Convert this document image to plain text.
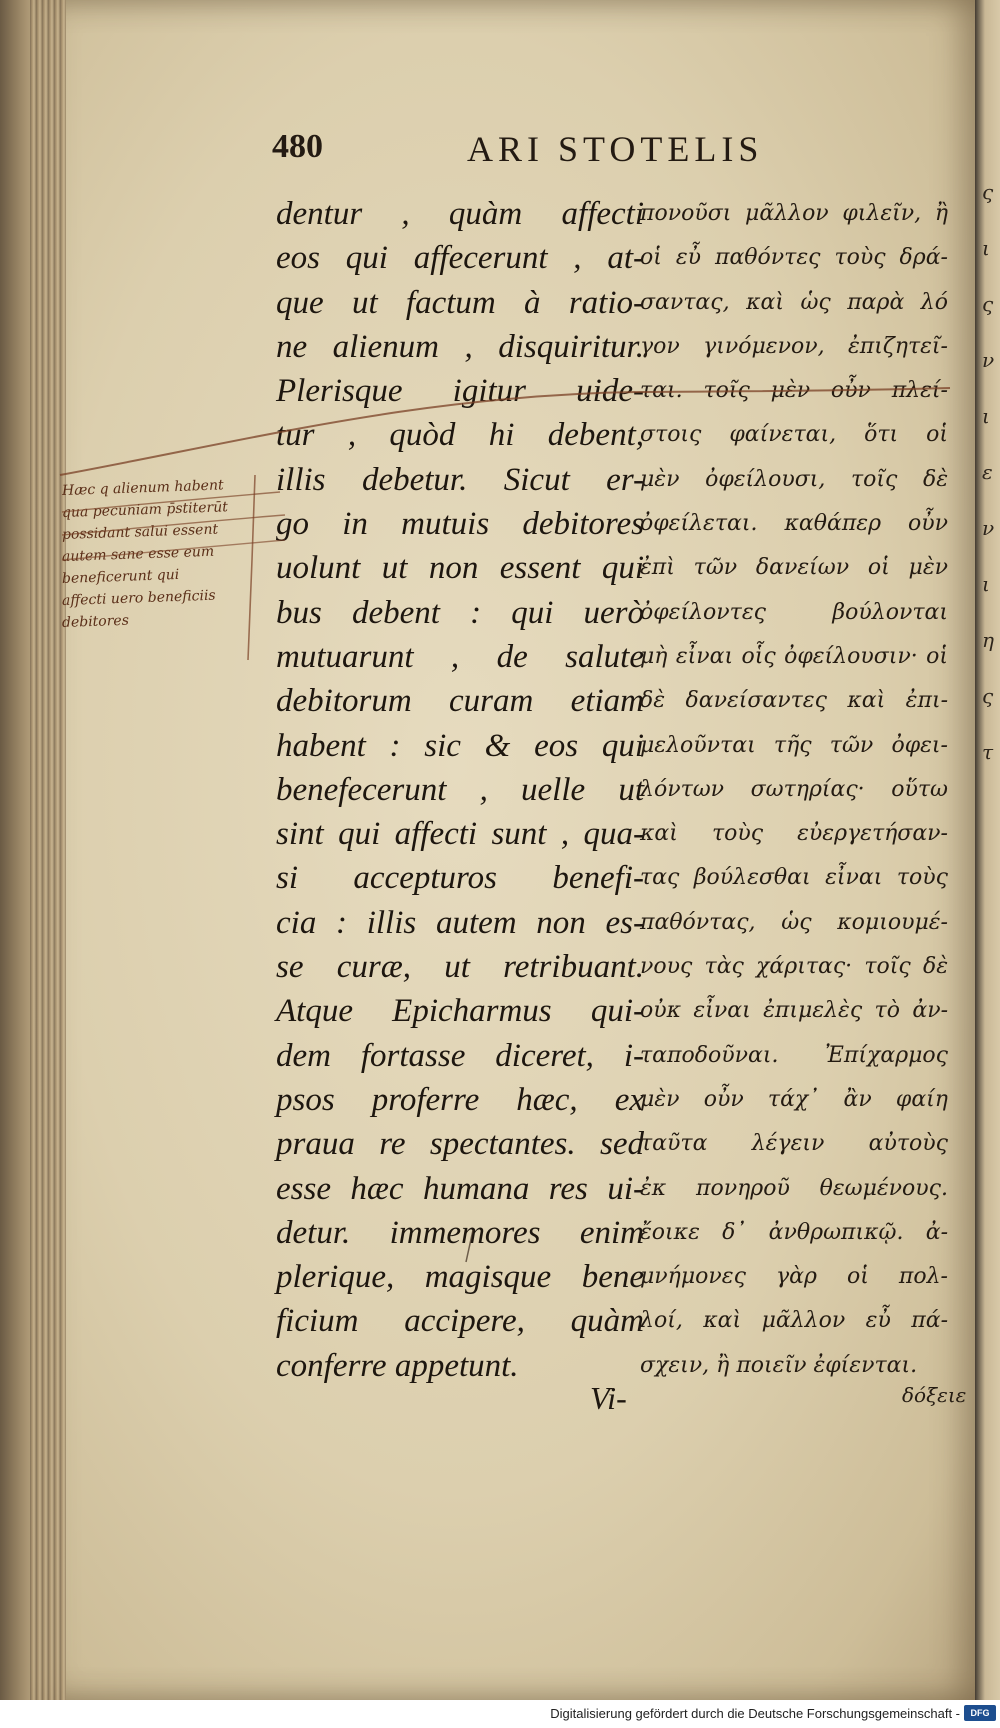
ς
ι
ς
ν
ι
ε
ν
ι
η
ς
τ
480	ARI STOTELIS
dentur , quàm affecti
eos qui affecerunt , at-
que ut factum à ratio-
ne alienum , disquiritur.
Plerisque igitur uide-
tur , quòd hi debent,
illis debetur. Sicut er-
go in mutuis debitores
uolunt ut non essent qui
bus debent : qui uerò
mutuarunt , de salute
debitorum curam etiam
habent : sic & eos qui
benefecerunt , uelle ut
sint qui affecti sunt , qua-
si accepturos benefi-
cia : illis autem non es-
se curæ, ut retribuant.
Atque Epicharmus qui-
dem fortasse diceret, i-
psos proferre hæc, ex
praua re spectantes. sed
esse hæc humana res ui-
detur. immemores enim
plerique, magisque bene
ficium accipere, quàm
conferre appetunt.
πονοῦσι μᾶλλον φιλεῖν, ἢ
οἱ εὖ παθόντες τοὺς δρά-
σαντας, καὶ ὡς παρὰ λό
γον γινόμενον, ἐπιζητεῖ-
ται. τοῖς μὲν οὖν πλεί-
στοις φαίνεται, ὅτι οἱ
μὲν ὀφείλουσι, τοῖς δὲ
ὀφείλεται. καθάπερ οὖν
ἐπὶ τῶν δανείων οἱ μὲν
ὀφείλοντες βούλονται
μὴ εἶναι οἷς ὀφείλουσιν· οἱ
δὲ δανείσαντες καὶ ἐπι-
μελοῦνται τῆς τῶν ὀφει-
λόντων σωτηρίας· οὕτω
καὶ τοὺς εὐεργετήσαν-
τας βούλεσθαι εἶναι τοὺς
παθόντας, ὡς κομιουμέ-
νους τὰς χάριτας· τοῖς δὲ
οὐκ εἶναι ἐπιμελὲς τὸ ἀν-
ταποδοῦναι. Ἐπίχαρμος
μὲν οὖν τάχ᾽ ἂν φαίη
ταῦτα λέγειν αὐτοὺς
ἐκ πονηροῦ θεωμένους.
ἔοικε δ᾽ ἀνθρωπικῷ. ἀ-
μνήμονες γὰρ οἱ πολ-
λοί, καὶ μᾶλλον εὖ πά-
σχειν, ἢ ποιεῖν ἐφίενται.
Vi-	δόξειε
Hæc q alienum habent
qua pecuniam p̄stiterūt
possidant salui essent
autem sane esse eum
beneficerunt qui
affecti uero beneficiis
debitores
Digitalisierung gefördert durch die Deutsche Forschungsgemeinschaft -	DFG
